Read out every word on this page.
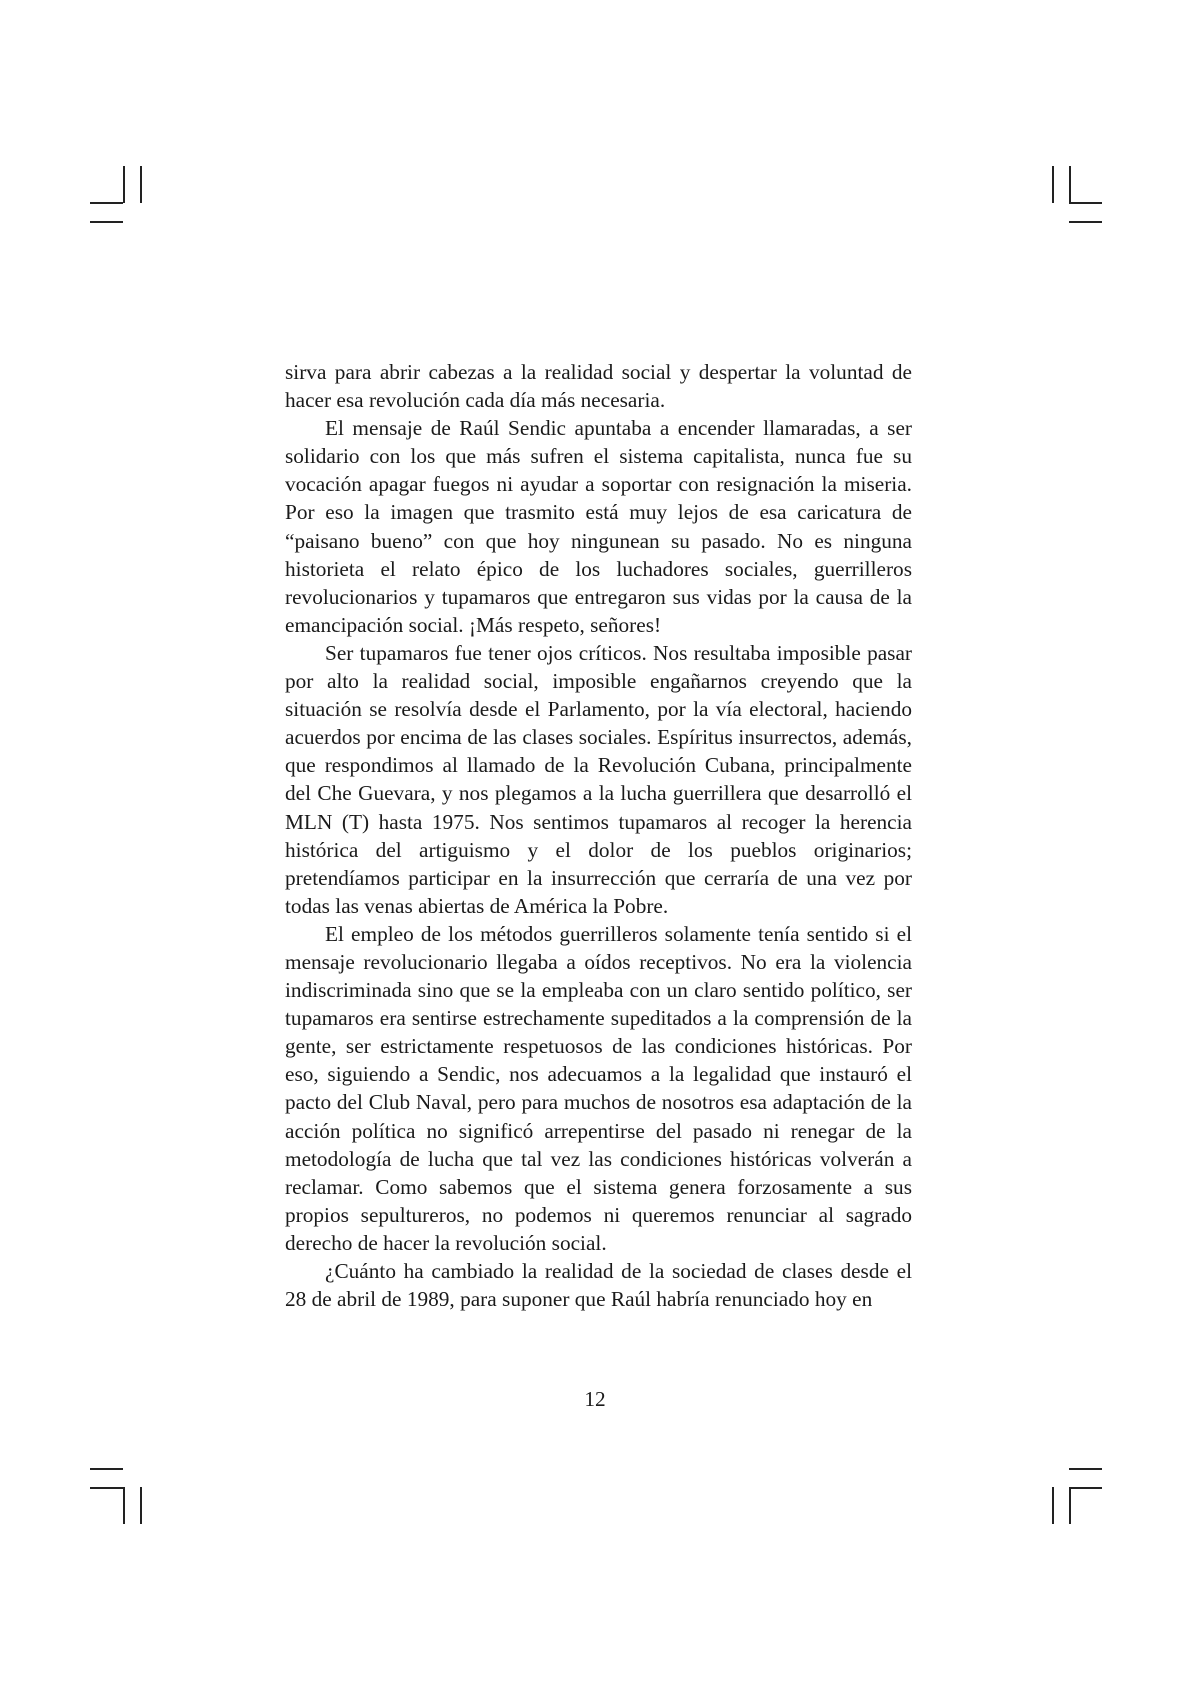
sirva para abrir cabezas a la realidad social y despertar la voluntad de hacer esa revolución cada día más necesaria.

El mensaje de Raúl Sendic apuntaba a encender llamaradas, a ser solidario con los que más sufren el sistema capitalista, nunca fue su vocación apagar fuegos ni ayudar a soportar con resignación la miseria. Por eso la imagen que trasmito está muy lejos de esa caricatura de “paisano bueno” con que hoy ningunean su pasado. No es ninguna historieta el relato épico de los luchadores sociales, guerrilleros revolucionarios y tupamaros que entregaron sus vidas por la causa de la emancipación social. ¡Más respeto, señores!

Ser tupamaros fue tener ojos críticos. Nos resultaba imposible pasar por alto la realidad social, imposible engañarnos creyendo que la situación se resolvía desde el Parlamento, por la vía electoral, haciendo acuerdos por encima de las clases sociales. Espíritus insurrectos, además, que respondimos al llamado de la Revolución Cubana, principalmente del Che Guevara, y nos plegamos a la lucha guerrillera que desarrolló el MLN (T) hasta 1975. Nos sentimos tupamaros al recoger la herencia histórica del artiguismo y el dolor de los pueblos originarios; pretendíamos participar en la insurrección que cerraría de una vez por todas las venas abiertas de América la Pobre.

El empleo de los métodos guerrilleros solamente tenía sentido si el mensaje revolucionario llegaba a oídos receptivos. No era la violencia indiscriminada sino que se la empleaba con un claro sentido político, ser tupamaros era sentirse estrechamente supeditados a la comprensión de la gente, ser estrictamente respetuosos de las condiciones históricas. Por eso, siguiendo a Sendic, nos adecuamos a la legalidad que instauró el pacto del Club Naval, pero para muchos de nosotros esa adaptación de la acción política no significó arrepentirse del pasado ni renegar de la metodología de lucha que tal vez las condiciones históricas volverán a reclamar. Como sabemos que el sistema genera forzosamente a sus propios sepultureros, no podemos ni queremos renunciar al sagrado derecho de hacer la revolución social.

¿Cuánto ha cambiado la realidad de la sociedad de clases desde el 28 de abril de 1989, para suponer que Raúl habría renunciado hoy en

12
